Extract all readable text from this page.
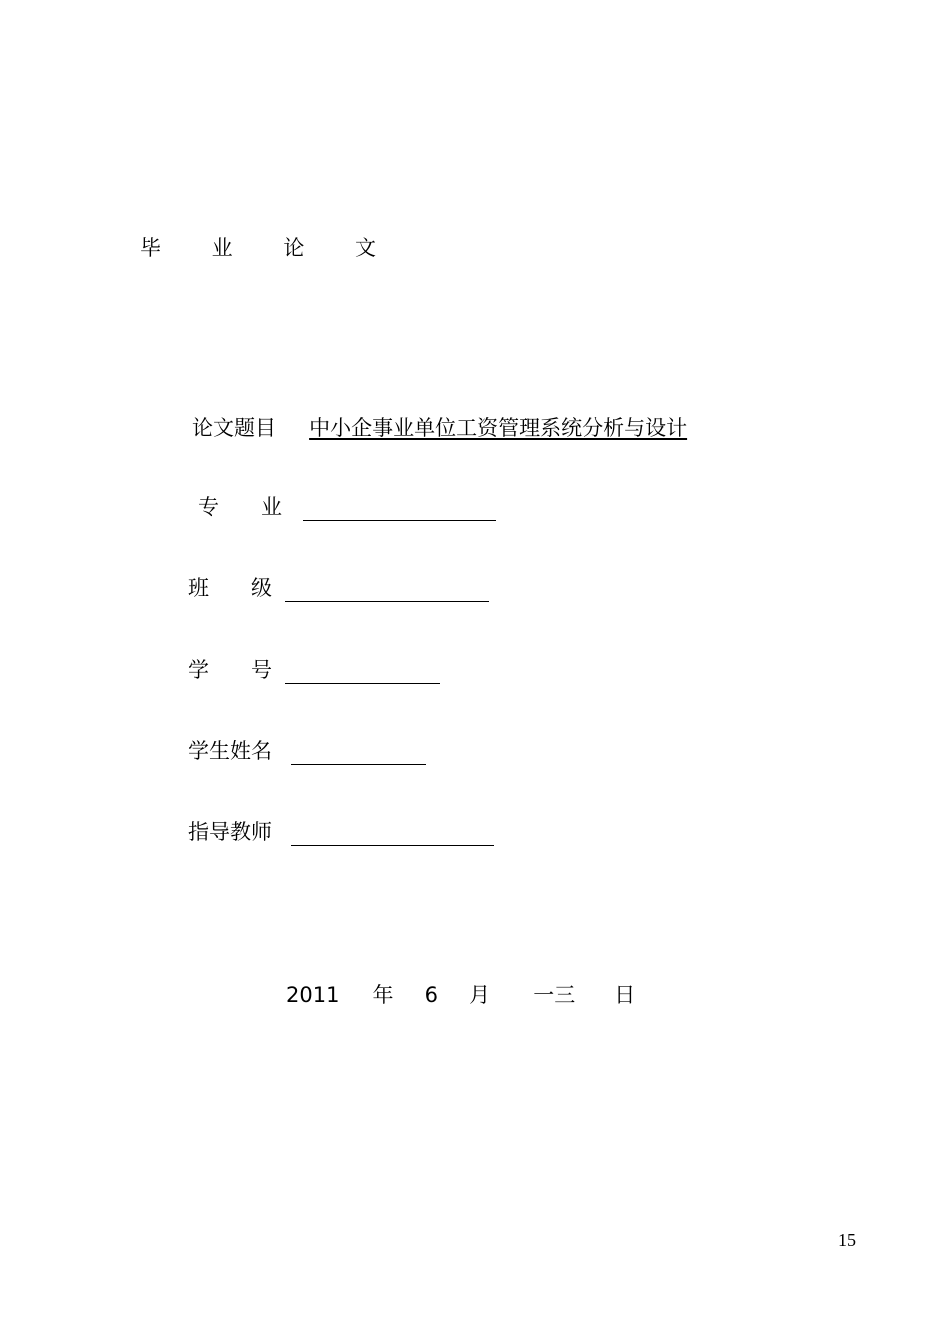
毕 业 论 文
论文题目 中小企事业单位工资管理系统分析与设计
专　　业
班　　级
学　　号
学生姓名
指导教师
2011 年 6 月 一三 日
15
